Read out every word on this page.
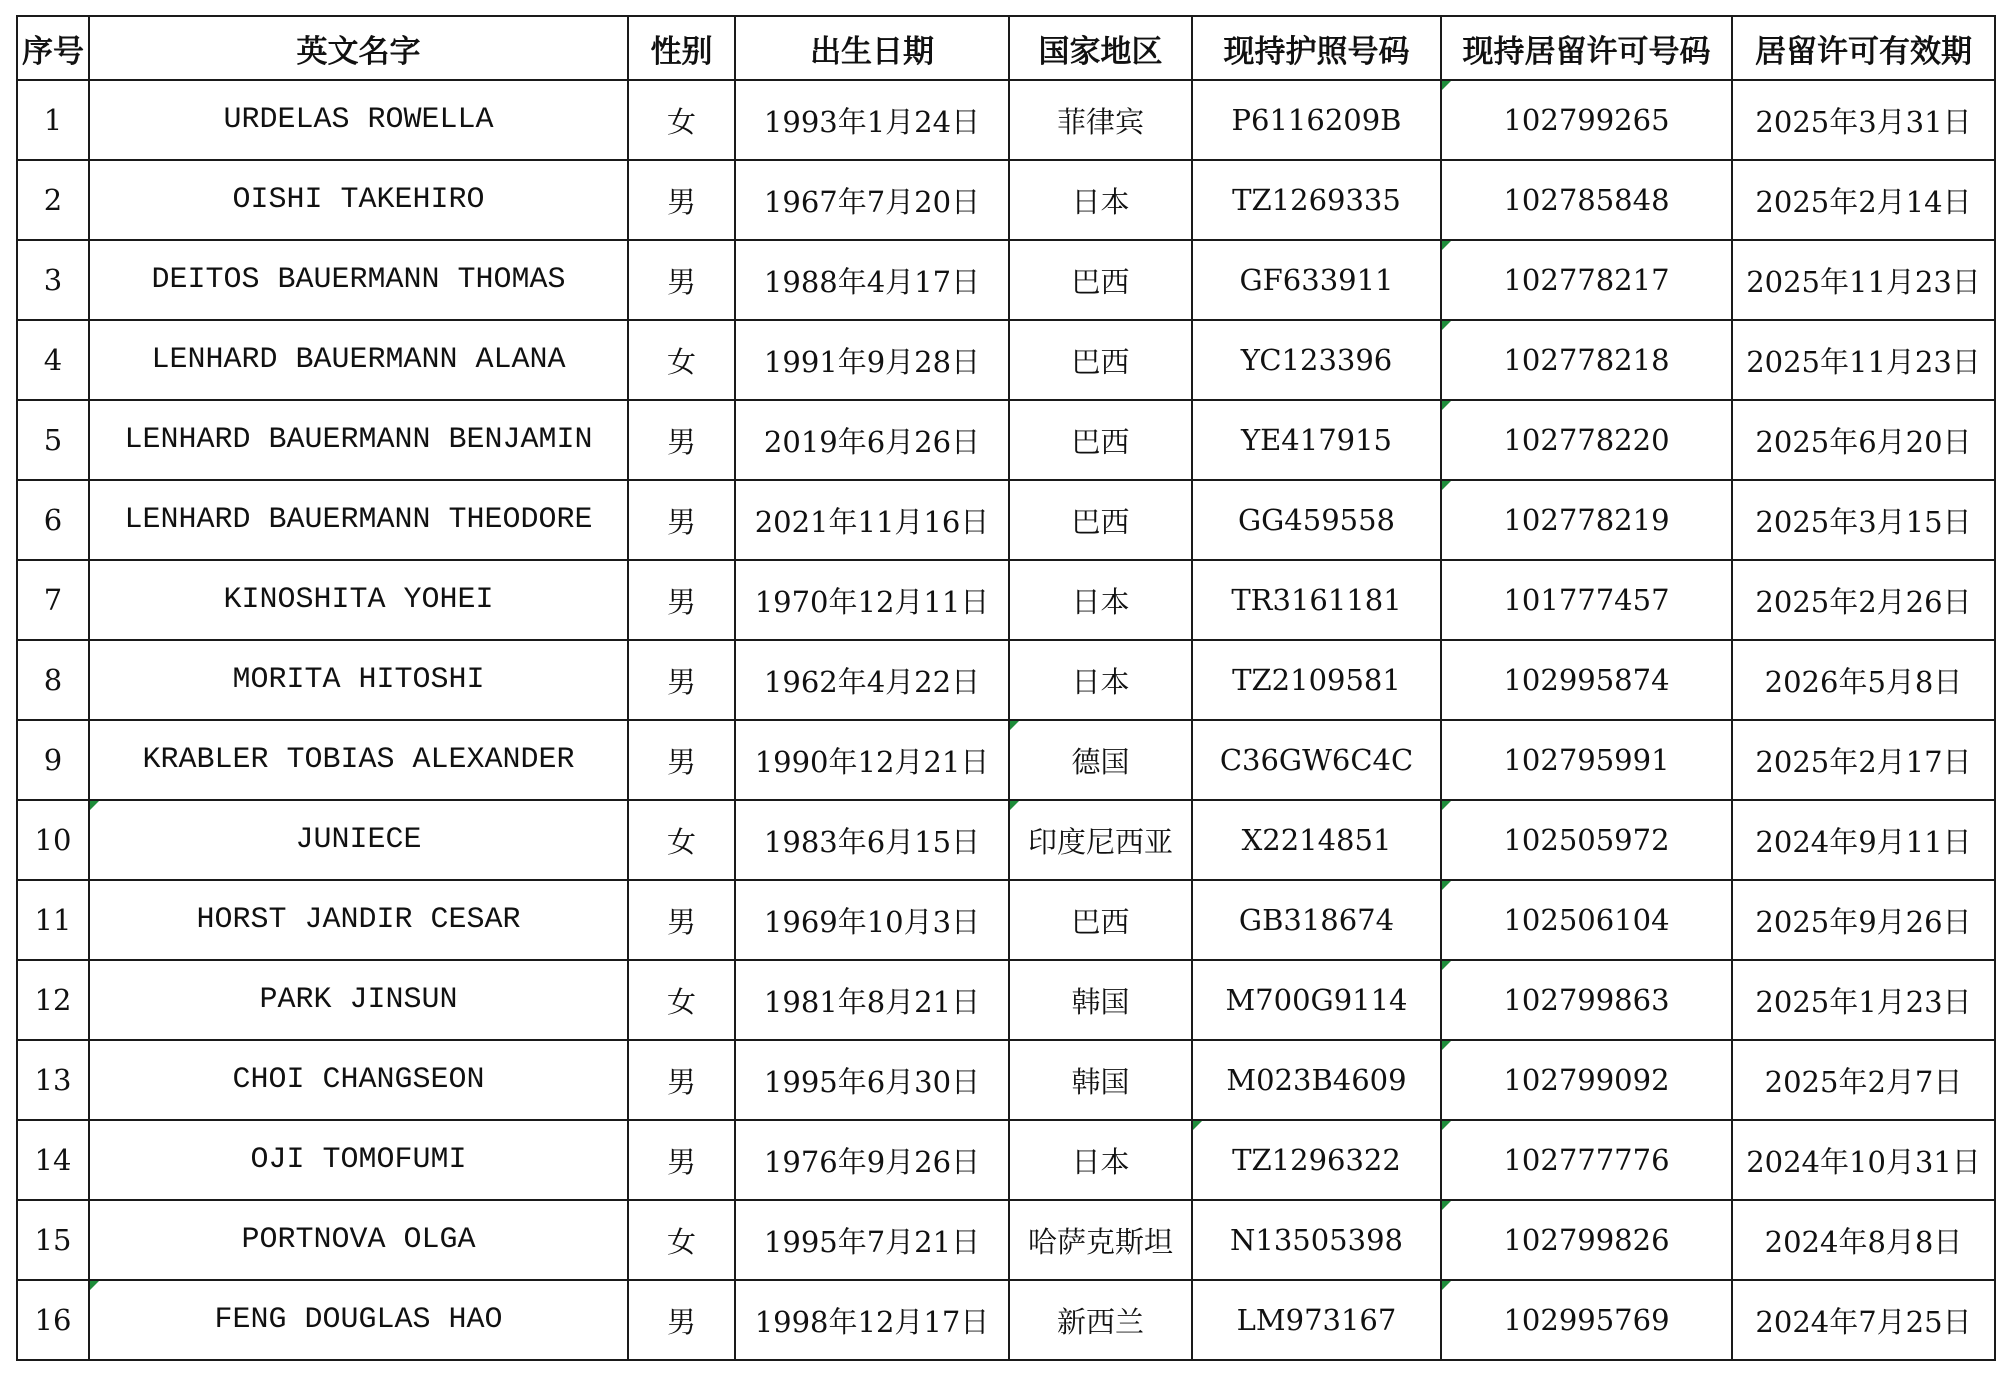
序号	英文名字	性别	出生日期	国家地区	现持护照号码	现持居留许可号码	居留许可有效期
1	URDELAS ROWELLA	女	1993年1月24日	菲律宾	P6116209B	102799265	2025年3月31日
2	OISHI TAKEHIRO	男	1967年7月20日	日本	TZ1269335	102785848	2025年2月14日
3	DEITOS BAUERMANN THOMAS	男	1988年4月17日	巴西	GF633911	102778217	2025年11月23日
4	LENHARD BAUERMANN ALANA	女	1991年9月28日	巴西	YC123396	102778218	2025年11月23日
5	LENHARD BAUERMANN BENJAMIN	男	2019年6月26日	巴西	YE417915	102778220	2025年6月20日
6	LENHARD BAUERMANN THEODORE	男	2021年11月16日	巴西	GG459558	102778219	2025年3月15日
7	KINOSHITA YOHEI	男	1970年12月11日	日本	TR3161181	101777457	2025年2月26日
8	MORITA HITOSHI	男	1962年4月22日	日本	TZ2109581	102995874	2026年5月8日
9	KRABLER TOBIAS ALEXANDER	男	1990年12月21日	德国	C36GW6C4C	102795991	2025年2月17日
10	JUNIECE	女	1983年6月15日	印度尼西亚	X2214851	102505972	2024年9月11日
11	HORST JANDIR CESAR	男	1969年10月3日	巴西	GB318674	102506104	2025年9月26日
12	PARK JINSUN	女	1981年8月21日	韩国	M700G9114	102799863	2025年1月23日
13	CHOI CHANGSEON	男	1995年6月30日	韩国	M023B4609	102799092	2025年2月7日
14	OJI TOMOFUMI	男	1976年9月26日	日本	TZ1296322	102777776	2024年10月31日
15	PORTNOVA OLGA	女	1995年7月21日	哈萨克斯坦	N13505398	102799826	2024年8月8日
16	FENG DOUGLAS HAO	男	1998年12月17日	新西兰	LM973167	102995769	2024年7月25日
